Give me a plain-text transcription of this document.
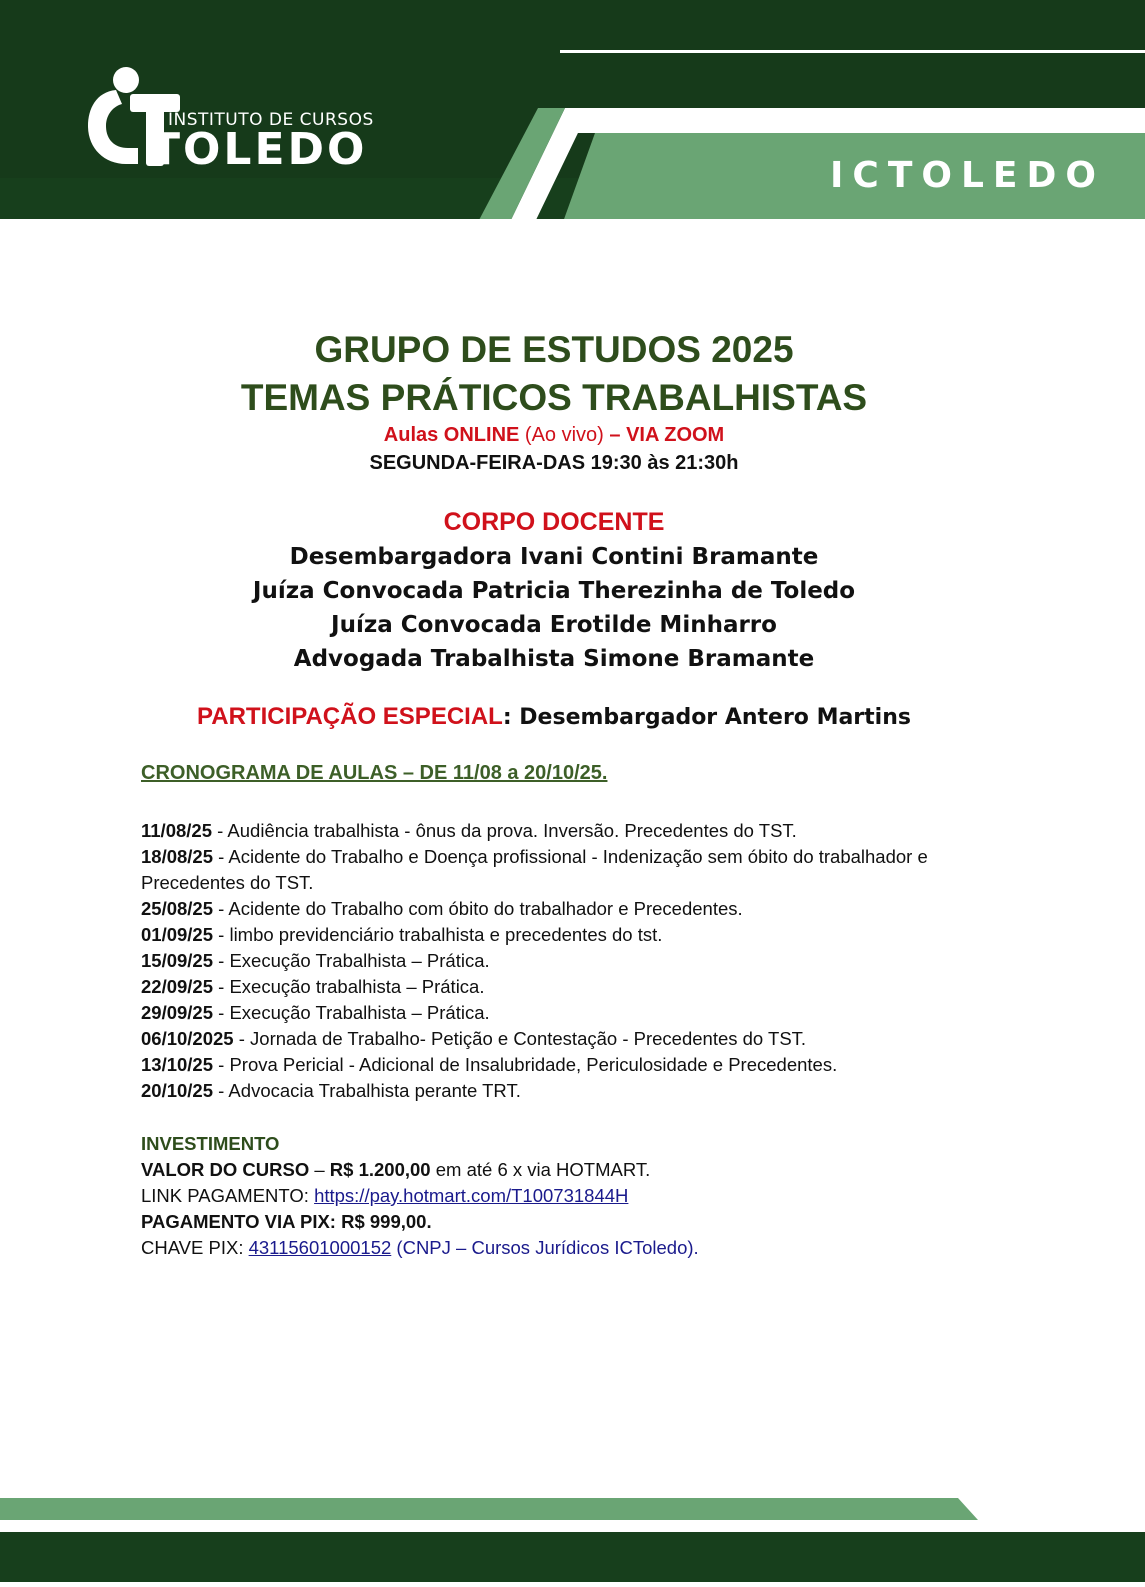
INSTITUTO DE CURSOS
TOLEDO
ICTOLEDO
GRUPO DE ESTUDOS 2025
TEMAS PRÁTICOS TRABALHISTAS
Aulas ONLINE (Ao vivo) – VIA ZOOM
SEGUNDA-FEIRA-DAS 19:30 às 21:30h
CORPO DOCENTE
Desembargadora Ivani Contini Bramante
Juíza Convocada Patricia Therezinha de Toledo
Juíza Convocada Erotilde Minharro
Advogada Trabalhista Simone Bramante
PARTICIPAÇÃO ESPECIAL: Desembargador Antero Martins
CRONOGRAMA DE AULAS – DE 11/08 a 20/10/25.
11/08/25 - Audiência trabalhista - ônus da prova. Inversão. Precedentes do TST.
18/08/25 - Acidente do Trabalho e Doença profissional - Indenização sem óbito do trabalhador e Precedentes do TST.
25/08/25 - Acidente do Trabalho com óbito do trabalhador e Precedentes.
01/09/25 - limbo previdenciário trabalhista e precedentes do tst.
15/09/25 - Execução Trabalhista – Prática.
22/09/25 - Execução trabalhista – Prática.
29/09/25 - Execução Trabalhista – Prática.
06/10/2025 - Jornada de Trabalho- Petição e Contestação - Precedentes do TST.
13/10/25 - Prova Pericial - Adicional de Insalubridade, Periculosidade e Precedentes.
20/10/25 - Advocacia Trabalhista perante TRT.
INVESTIMENTO
VALOR DO CURSO – R$ 1.200,00 em até 6 x via HOTMART.
LINK PAGAMENTO: https://pay.hotmart.com/T100731844H
PAGAMENTO VIA PIX: R$ 999,00.
CHAVE PIX: 43115601000152 (CNPJ – Cursos Jurídicos ICToledo).
